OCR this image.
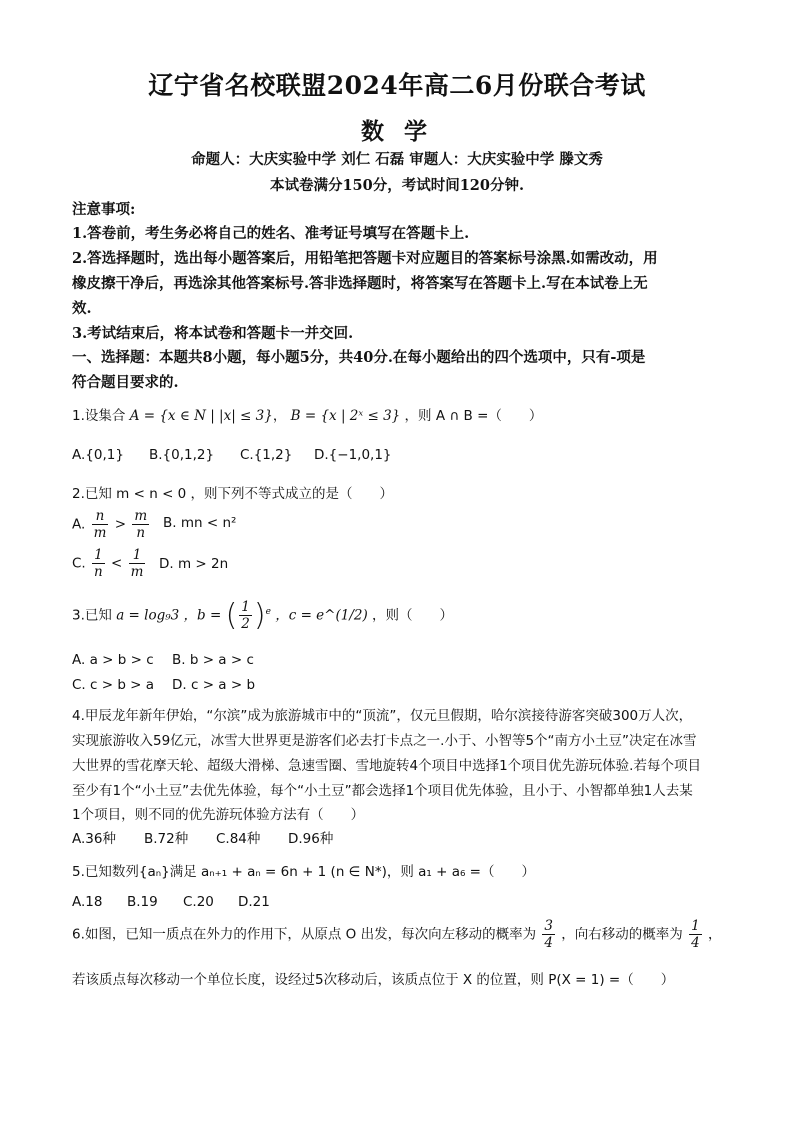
辽宁省名校联盟2024年高二6月份联合考试
数 学
命题人：大庆实验中学 刘仁 石磊 审题人：大庆实验中学 滕文秀
本试卷满分150分，考试时间120分钟.
注意事项:
1.答卷前，考生务必将自己的姓名、准考证号填写在答题卡上.
2.答选择题时，选出每小题答案后，用铅笔把答题卡对应题目的答案标号涂黑.如需改动，用
橡皮擦干净后，再选涂其他答案标号.答非选择题时，将答案写在答题卡上.写在本试卷上无
效.
3.考试结束后，将本试卷和答题卡一并交回.
一、选择题：本题共8小题，每小题5分，共40分.在每小题给出的四个选项中，只有-项是
符合题目要求的.
1.设集合 A = {x ∈ N | |x| ≤ 3}， B = {x | 2ˣ ≤ 3} ，则 A ∩ B =（　　）
A.{0,1} B.{0,1,2} C.{1,2} D.{−1,0,1}
2.已知 m < n < 0 ，则下列不等式成立的是（　　）
A. $\frac{n}{m} > \frac{m}{n} B$. mn < n²
C. $\frac{1}{n} < \frac{1}{m} D$. m > 2n
3.已知 a = log₉3 ，b = ( $\frac{1}{2} )^e$ ，c = e^(1/2) ，则（　　）
A. a > b > c B. b > a > c
C. c > b > a D. c > a > b
4.甲辰龙年新年伊始，“尔滨”成为旅游城市中的“顶流”，仅元旦假期，哈尔滨接待游客突破300万人次，
实现旅游收入59亿元，冰雪大世界更是游客们必去打卡点之一.小于、小智等5个“南方小土豆”决定在冰雪
大世界的雪花摩天轮、超级大滑梯、急速雪圈、雪地旋转4个项目中选择1个项目优先游玩体验.若每个项目
至少有1个“小土豆”去优先体验，每个“小土豆”都会选择1个项目优先体验，且小于、小智都单独1人去某
1个项目，则不同的优先游玩体验方法有（　　）
A.36种 B.72种 C.84种 D.96种
5.已知数列{aₙ}满足 aₙ₊₁ + aₙ = 6n + 1 (n ∈ N*)，则 a₁ + a₆ =（　　）
A.18 B.19 C.20 D.21
6.如图，已知一质点在外力的作用下，从原点 O 出发，每次向左移动的概率为 $\frac{3}{4}$ ，向右移动的概率为 $\frac{1}{4}$ ，
若该质点每次移动一个单位长度，设经过5次移动后，该质点位于 X 的位置，则 P(X = 1) =（　　）
